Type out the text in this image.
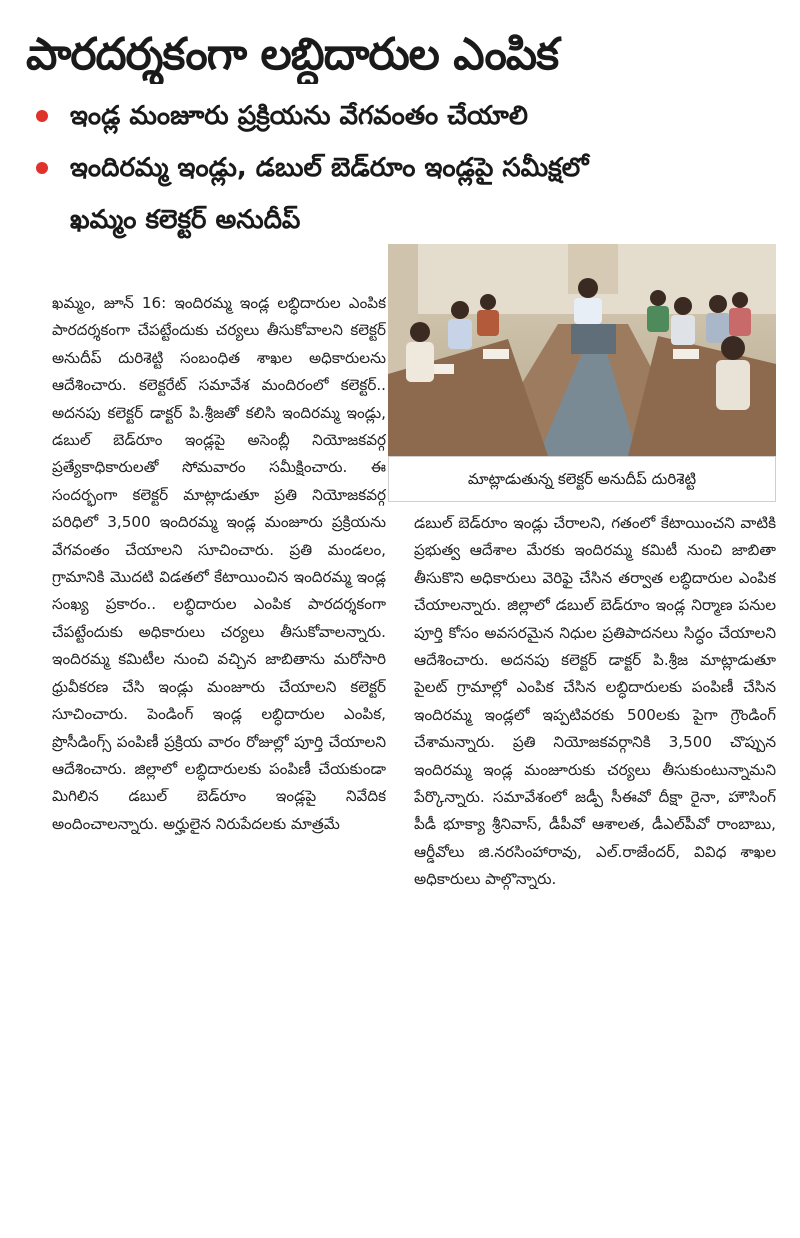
పారదర్శకంగా లబ్ధిదారుల ఎంపిక
ఇండ్ల మంజూరు ప్రక్రియను వేగవంతం చేయాలి
ఇందిరమ్మ ఇండ్లు, డబుల్ బెడ్‌రూం ఇండ్లపై సమీక్షలో
ఖమ్మం కలెక్టర్ అనుదీప్
మాట్లాడుతున్న కలెక్టర్ అనుదీప్ దురిశెట్టి

ఖమ్మం, జూన్ 16: ఇందిరమ్మ ఇండ్ల లబ్ధిదారుల ఎంపిక పారదర్శకంగా చేపట్టేందుకు చర్యలు తీసుకోవాలని కలెక్టర్ అనుదీప్ దురిశెట్టి సంబంధిత శాఖల అధికారులను ఆదేశించారు. కలెక్టరేట్ సమావేశ మందిరంలో కలెక్టర్.. అదనపు కలెక్టర్ డాక్టర్ పి.శ్రీజతో కలిసి ఇందిరమ్మ ఇండ్లు, డబుల్ బెడ్‌రూం ఇండ్లపై అసెంబ్లీ నియోజకవర్గ ప్రత్యేకాధికారులతో సోమవారం సమీక్షించారు. ఈ సందర్భంగా కలెక్టర్ మాట్లాడుతూ ప్రతి నియోజకవర్గ పరిధిలో 3,500 ఇందిరమ్మ ఇండ్ల మంజూరు ప్రక్రియను వేగవంతం చేయాలని సూచించారు. ప్రతి మండలం, గ్రామానికి మొదటి విడతలో కేటాయించిన ఇందిరమ్మ ఇండ్ల సంఖ్య ప్రకారం.. లబ్ధిదారుల ఎంపిక పారదర్శకంగా చేపట్టేందుకు అధికారులు చర్యలు తీసుకోవాలన్నారు. ఇందిరమ్మ కమిటీల నుంచి వచ్చిన జాబితాను మరోసారి ధ్రువీకరణ చేసి ఇండ్లు మంజూరు చేయాలని కలెక్టర్ సూచించారు. పెండింగ్ ఇండ్ల లబ్ధిదారుల ఎంపిక, ప్రొసీడింగ్స్ పంపిణీ ప్రక్రియ వారం రోజుల్లో పూర్తి చేయాలని ఆదేశించారు. జిల్లాలో లబ్ధిదారులకు పంపిణీ చేయకుండా మిగిలిన డబుల్ బెడ్‌రూం ఇండ్లపై నివేదిక అందించాలన్నారు. అర్హులైన నిరుపేదలకు మాత్రమే

డబుల్ బెడ్‌రూం ఇండ్లు చేరాలని, గతంలో కేటాయించని వాటికి ప్రభుత్వ ఆదేశాల మేరకు ఇందిరమ్మ కమిటీ నుంచి జాబితా తీసుకొని అధికారులు వెరిఫై చేసిన తర్వాత లబ్ధిదారుల ఎంపిక చేయాలన్నారు. జిల్లాలో డబుల్ బెడ్‌రూం ఇండ్ల నిర్మాణ పనుల పూర్తి కోసం అవసరమైన నిధుల ప్రతిపాదనలు సిద్ధం చేయాలని ఆదేశించారు. అదనపు కలెక్టర్ డాక్టర్ పి.శ్రీజ మాట్లాడుతూ పైలట్ గ్రామాల్లో ఎంపిక చేసిన లబ్ధిదారులకు పంపిణీ చేసిన ఇందిరమ్మ ఇండ్లలో ఇప్పటివరకు 500లకు పైగా గ్రౌండింగ్ చేశామన్నారు. ప్రతి నియోజకవర్గానికి 3,500 చొప్పున ఇందిరమ్మ ఇండ్ల మంజూరుకు చర్యలు తీసుకుంటున్నామని పేర్కొన్నారు. సమావేశంలో జడ్పీ సీఈవో దీక్షా రైనా, హౌసింగ్ పీడీ భూక్యా శ్రీనివాస్, డీపీవో ఆశాలత, డీఎల్‌పీవో రాంబాబు, ఆర్డీవోలు జి.నరసింహారావు, ఎల్.రాజేందర్, వివిధ శాఖల అధికారులు పాల్గొన్నారు.
